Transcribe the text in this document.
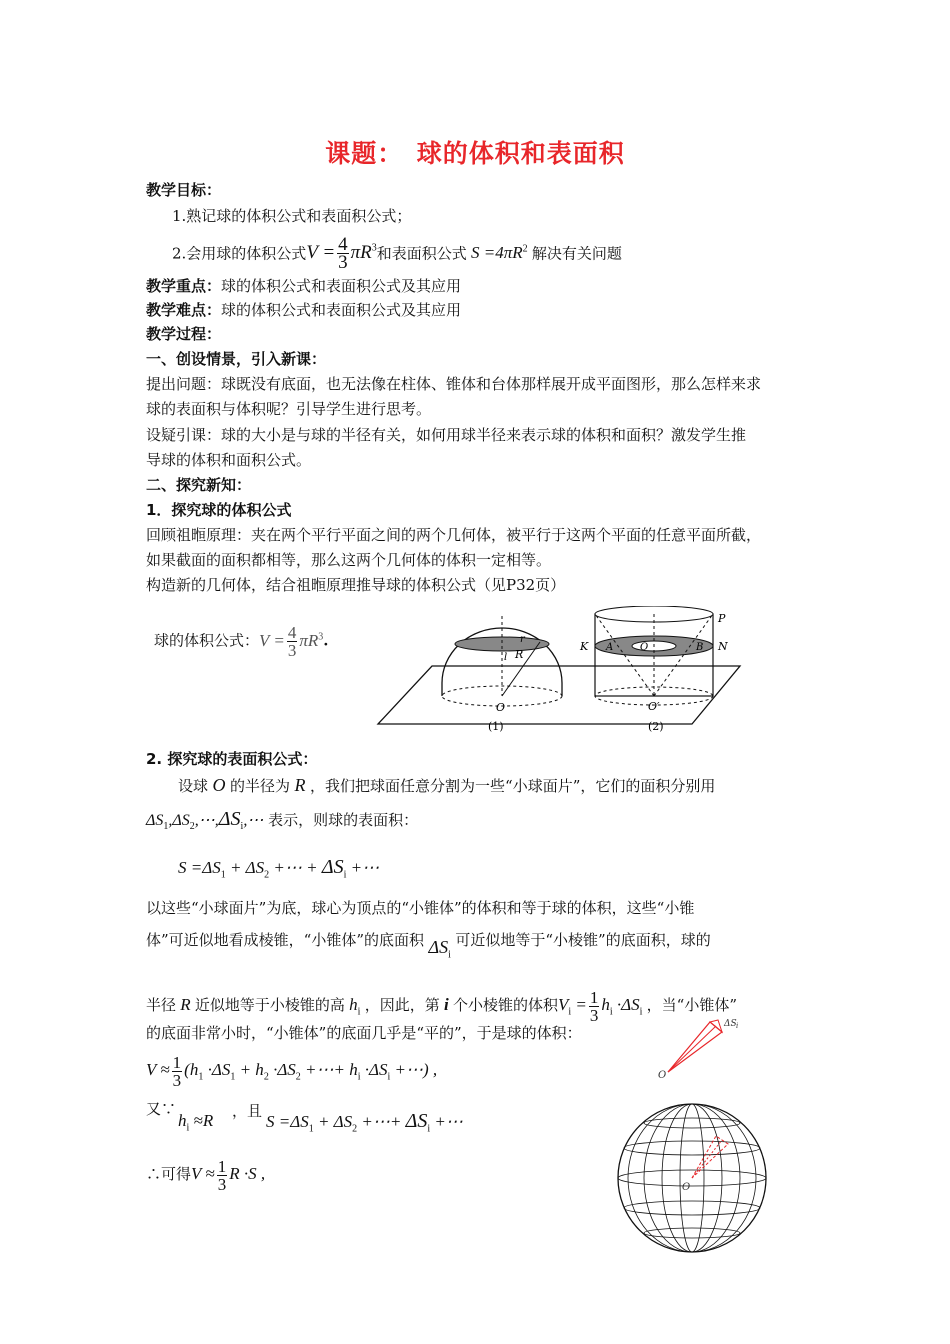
课题：　球的体积和表面积
教学目标：
1.熟记球的体积公式和表面积公式；
2.会用球的体积公式$V = \frac{4}{3} \pi R^3$和表面积公式 $S =4\pi R^2$ 解决有关问题
教学重点：球的体积公式和表面积公式及其应用
教学难点：球的体积公式和表面积公式及其应用
教学过程：
一、创设情景，引入新课：
提出问题：球既没有底面，也无法像在柱体、锥体和台体那样展开成平面图形，那么怎样来求
球的表面积与体积呢？引导学生进行思考。
设疑引课：球的大小是与球的半径有关，如何用球半径来表示球的体积和面积？激发学生推
导球的体积和面积公式。
二、探究新知：
1．探究球的体积公式
回顾祖暅原理：夹在两个平行平面之间的两个几何体，被平行于这两个平面的任意平面所截，
如果截面的面积都相等，那么这两个几何体的体积一定相等。
构造新的几何体，结合祖暅原理推导球的体积公式（见P32页）
球的体积公式：$V = \frac{4}{3} \pi R^3$.
R
l
r
O
K	N
P
A	B
O
O′
(1)	(2)
2. 探究球的表面积公式：
设球 O 的半径为 R ，我们把球面任意分割为一些“小球面片”，它们的面积分别用
$\Delta S_1,\Delta S_2,\cdots,\Delta S_i,\cdots$ 表示，则球的表面积：
$S =\Delta S_1 + \Delta S_2$ +⋯ + $\Delta S_i$ +⋯
以这些“小球面片”为底，球心为顶点的“小锥体”的体积和等于球的体积，这些“小锥
体”可近似地看成棱锥，“小锥体”的底面积 $\Delta S_i$ 可近似地等于“小棱锥”的底面积，球的
半径 R 近似地等于小棱锥的高 $h_i$ ，因此，第 i 个小棱锥的体积$V_i = \frac{1}{3} h_i \cdot\Delta S_i$ ，当“小锥体”
的底面非常小时，“小锥体”的底面几乎是“平的”，于是球的体积：
$V \approx \frac{1}{3} (h_1 \cdot\Delta S_1 + h_2 \cdot\Delta S_2$ +⋯+ $h_i \cdot\Delta S_i$ +⋯) ,
又∵
$h_i \approx R$ ，且
$S =\Delta S_1 + \Delta S_2$ +⋯+ $\Delta S_i$ +⋯
∴可得$V \approx \frac{1}{3}$ R ·S ,
O
ΔS i
O
